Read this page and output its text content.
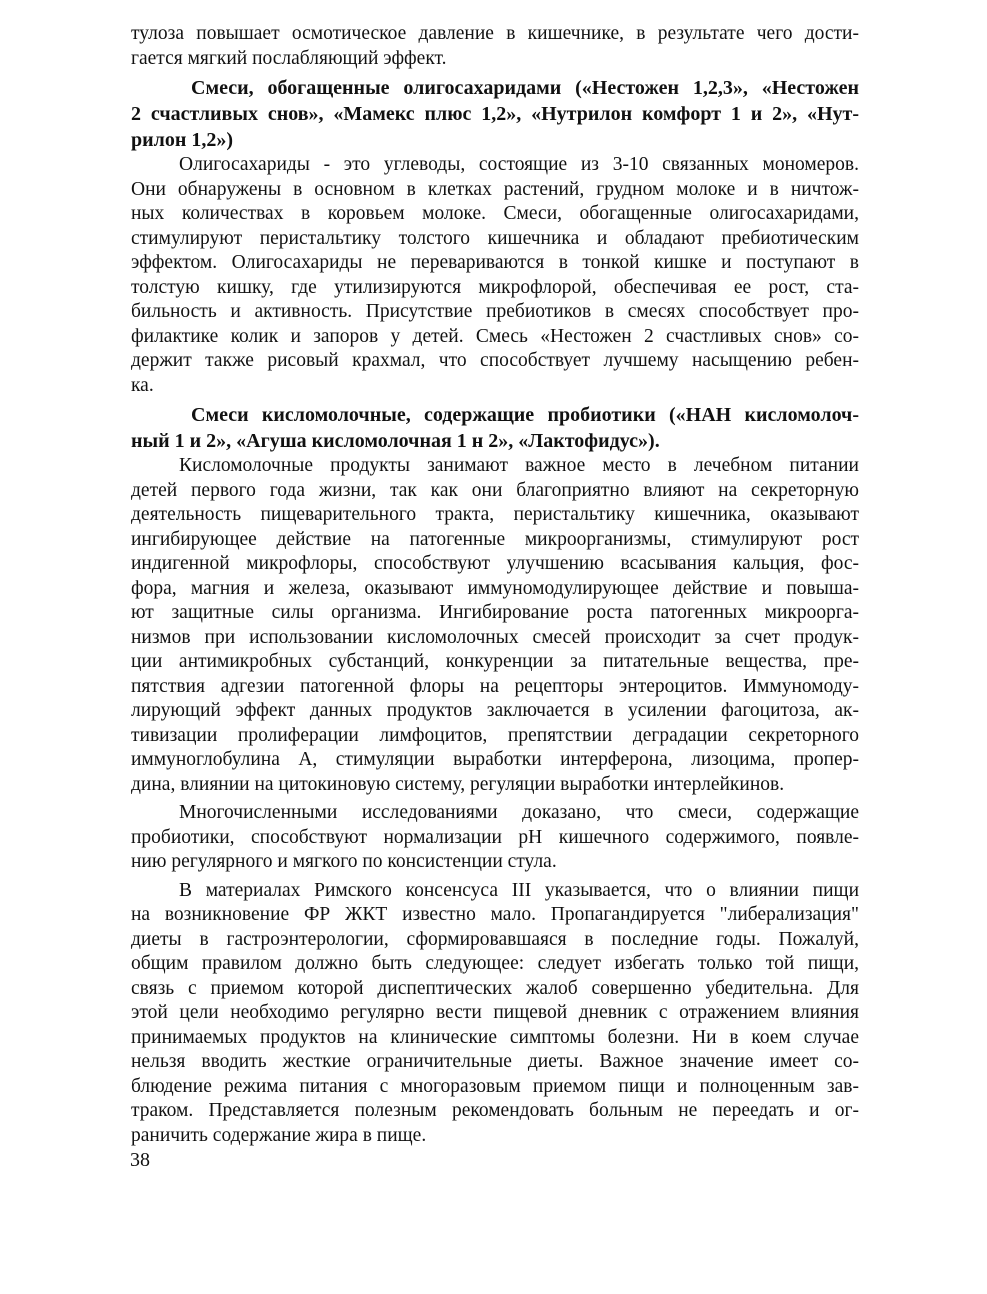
тулоза повышает осмотическое давление в кишечнике, в результате чего дости-
гается мягкий послабляющий эффект.
Смеси, обогащенные олигосахаридами («Нестожен 1,2,3», «Нестожен
2 счастливых снов», «Мамекс плюс 1,2», «Нутрилон комфорт 1 и 2», «Нут-
рилон 1,2»)
Олигосахариды - это углеводы, состоящие из 3-10 связанных мономеров.
Они обнаружены в основном в клетках растений, грудном молоке и в ничтож-
ных количествах в коровьем молоке. Смеси, обогащенные олигосахаридами,
стимулируют перистальтику толстого кишечника и обладают пребиотическим
эффектом. Олигосахариды не перевариваются в тонкой кишке и поступают в
толстую кишку, где утилизируются микрофлорой, обеспечивая ее рост, ста-
бильность и активность. Присутствие пребиотиков в смесях способствует про-
филактике колик и запоров у детей. Смесь «Нестожен 2 счастливых снов» со-
держит также рисовый крахмал, что способствует лучшему насыщению ребен-
ка.
Смеси кисломолочные, содержащие пробиотики («НАН кисломолоч-
ный 1 и 2», «Агуша кисломолочная 1 н 2», «Лактофидус»).
Кисломолочные продукты занимают важное место в лечебном питании
детей первого года жизни, так как они благоприятно влияют на секреторную
деятельность пищеварительного тракта, перистальтику кишечника, оказывают
ингибирующее действие на патогенные микроорганизмы, стимулируют рост
индигенной микрофлоры, способствуют улучшению всасывания кальция, фос-
фора, магния и железа, оказывают иммуномодулирующее действие и повыша-
ют защитные силы организма. Ингибирование роста патогенных микроорга-
низмов при использовании кисломолочных смесей происходит за счет продук-
ции антимикробных субстанций, конкуренции за питательные вещества, пре-
пятствия адгезии патогенной флоры на рецепторы энтероцитов. Иммуномоду-
лирующий эффект данных продуктов заключается в усилении фагоцитоза, ак-
тивизации пролиферации лимфоцитов, препятствии деградации секреторного
иммуноглобулина А, стимуляции выработки интерферона, лизоцима, пропер-
дина, влиянии на цитокиновую систему, регуляции выработки интерлейкинов.
Многочисленными исследованиями доказано, что смеси, содержащие
пробиотики, способствуют нормализации pH кишечного содержимого, появле-
нию регулярного и мягкого по консистенции стула.
В материалах Римского консенсуса III указывается, что о влиянии пищи
на возникновение ФР ЖКТ известно мало. Пропагандируется "либерализация"
диеты в гастроэнтерологии, сформировавшаяся в последние годы. Пожалуй,
общим правилом должно быть следующее: следует избегать только той пищи,
связь с приемом которой диспептических жалоб совершенно убедительна. Для
этой цели необходимо регулярно вести пищевой дневник с отражением влияния
принимаемых продуктов на клинические симптомы болезни. Ни в коем случае
нельзя вводить жесткие ограничительные диеты. Важное значение имеет со-
блюдение режима питания с многоразовым приемом пищи и полноценным зав-
траком. Представляется полезным рекомендовать больным не переедать и ог-
раничить содержание жира в пище.
38
